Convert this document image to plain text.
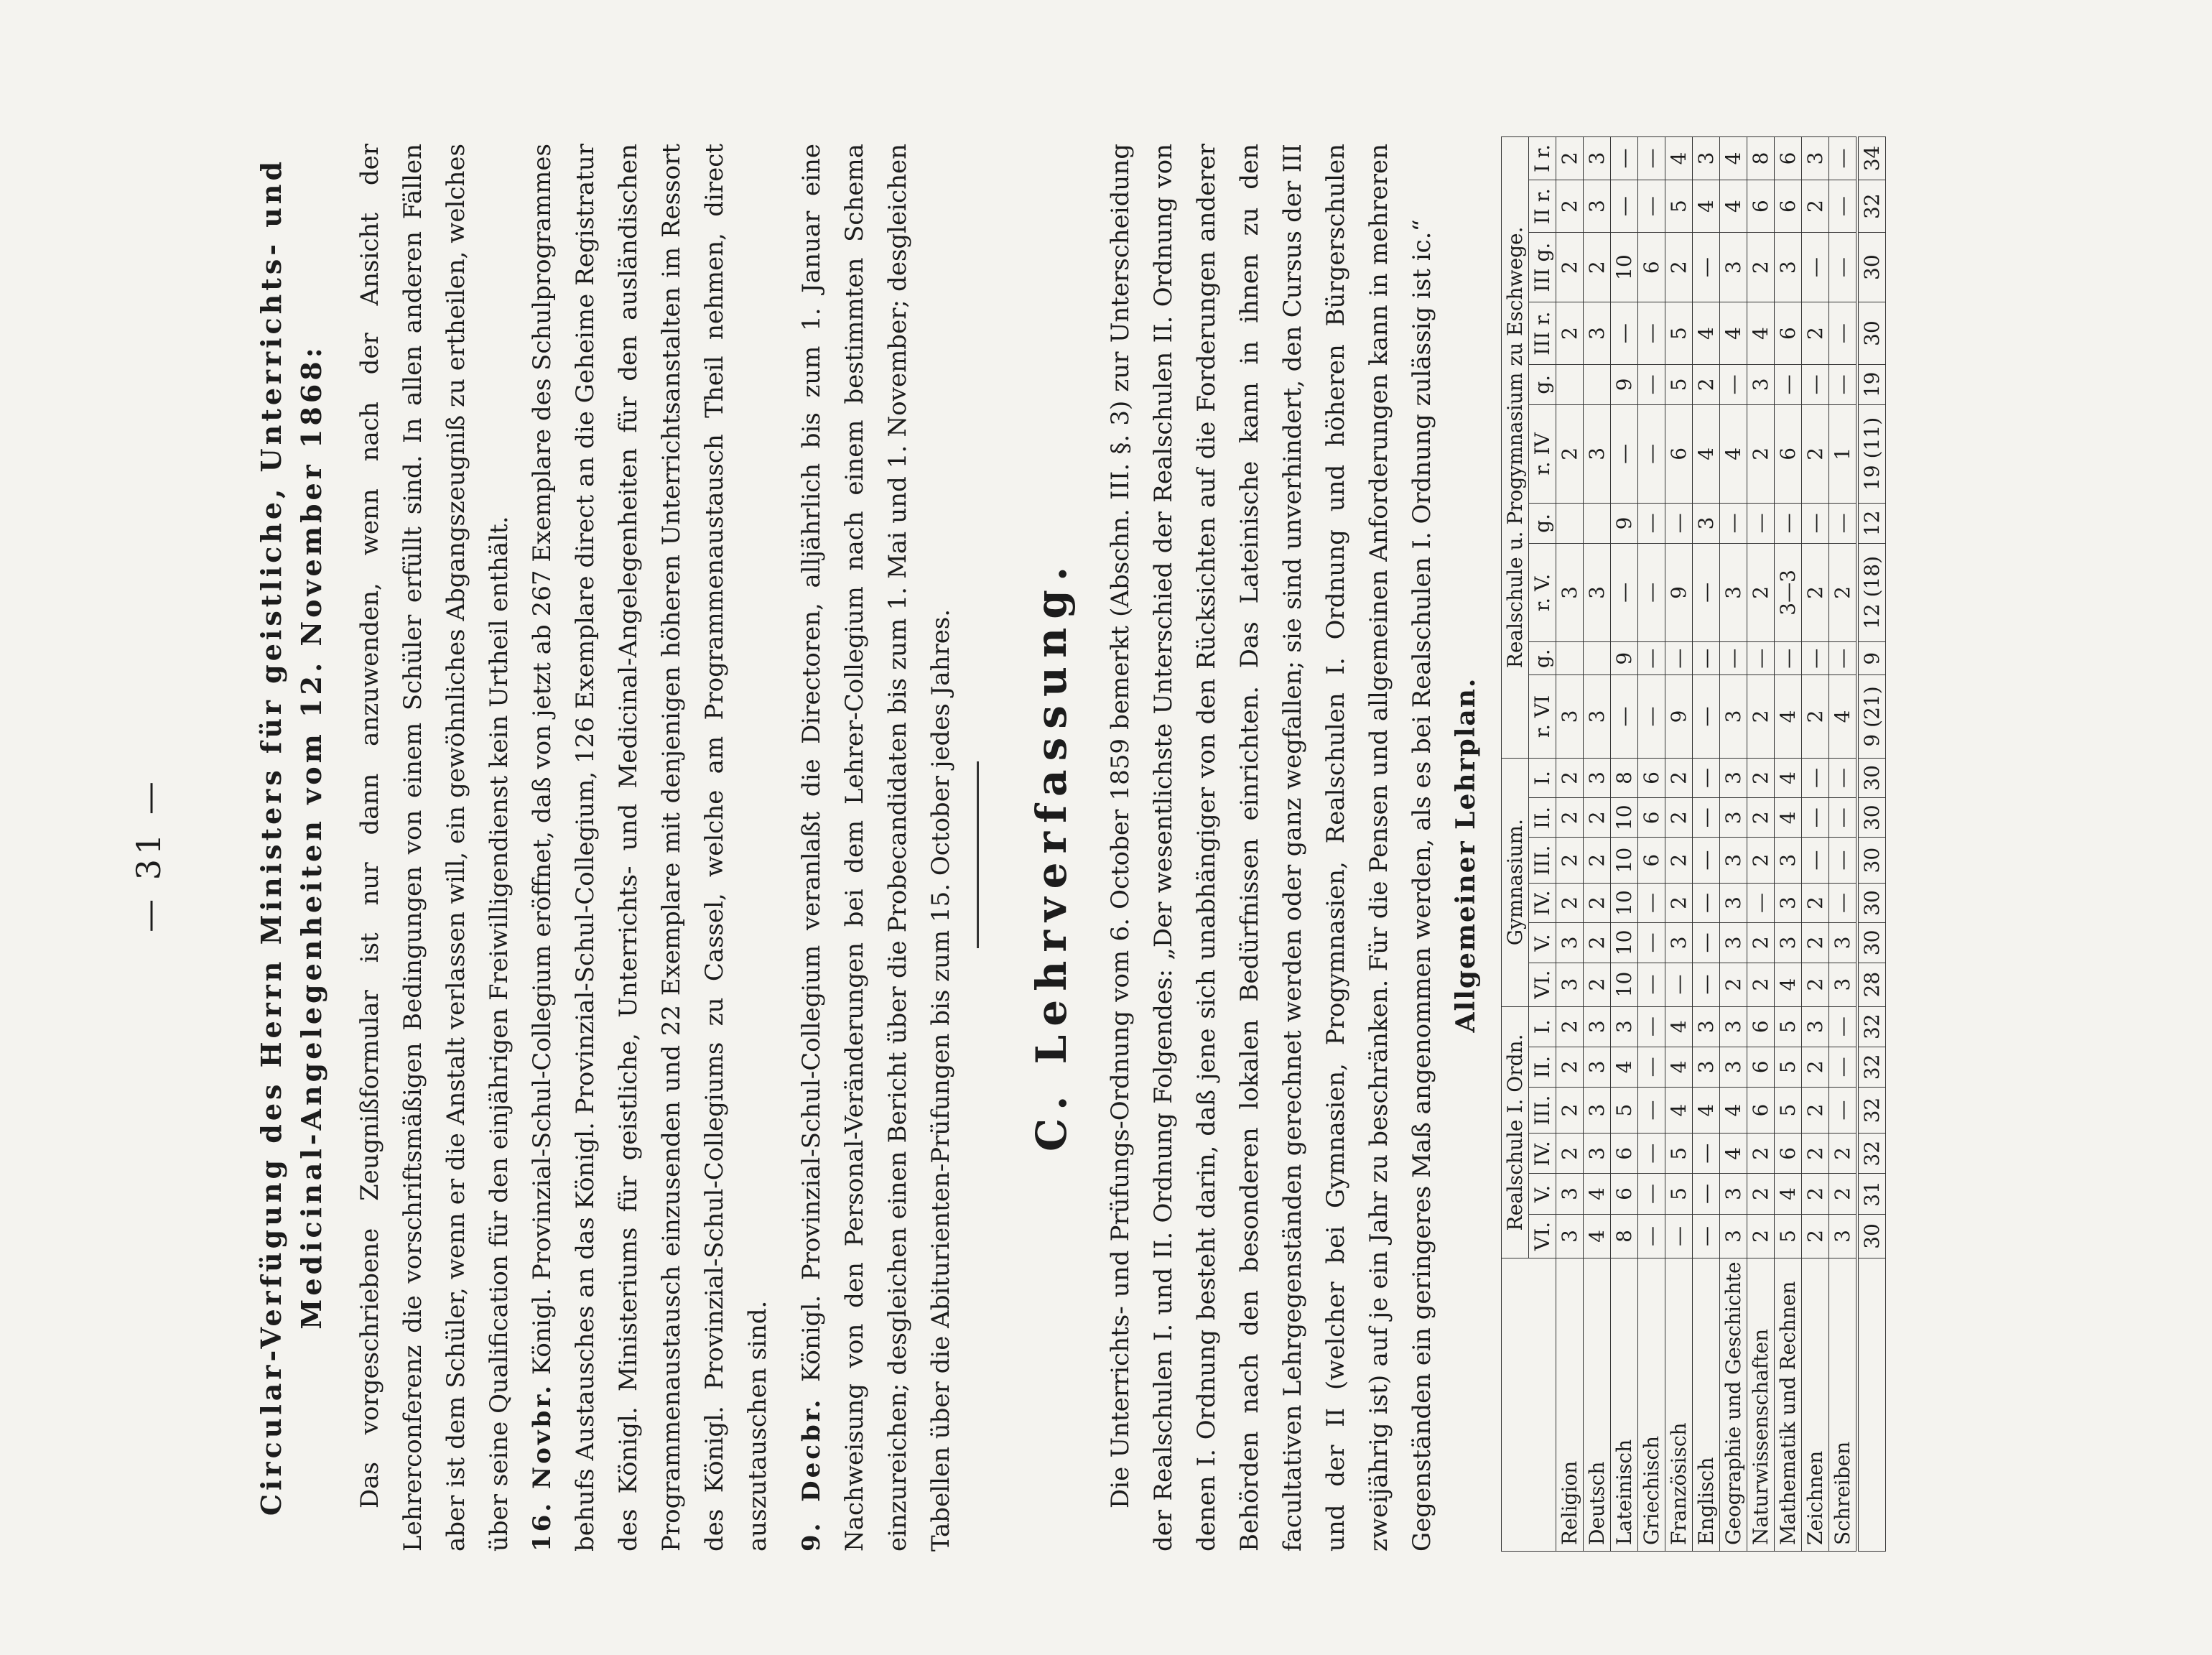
— 31 —	Circular-Verfügung des Herrn Ministers für geistliche, Unterrichts- und Medicinal-Angelegenheiten vom 12. November 1868: Das vorgeschriebene Zeugnißformular ist nur dann anzuwenden, wenn nach der Ansicht der Lehrerconferenz die vorschriftsmäßigen Bedingungen von einem Schüler erfüllt sind. In allen anderen Fällen aber ist dem Schüler, wenn er die Anstalt verlassen will, ein gewöhnliches Abgangszeugniß zu ertheilen, welches über seine Qualification für den einjährigen Freiwilligendienst kein Urtheil enthält. 16. Novbr. Königl. Provinzial-Schul-Collegium eröffnet, daß von jetzt ab 267 Exemplare des Schulprogrammes behufs Austausches an das Königl. Provinzial-Schul-Collegium, 126 Exemplare direct an die Geheime Registratur des Königl. Ministeriums für geistliche, Unterrichts- und Medicinal-Angelegenheiten für den ausländischen Programmenaustausch einzusenden und 22 Exemplare mit denjenigen höheren Unterrichtsanstalten im Ressort des Königl. Provinzial-Schul-Collegiums zu Cassel, welche am Programmenaustausch Theil nehmen, direct auszutauschen sind. 9. Decbr. Königl. Provinzial-Schul-Collegium veranlaßt die Directoren, alljährlich bis zum 1. Januar eine Nachweisung von den Personal-Veränderungen bei dem Lehrer-Collegium nach einem bestimmten Schema einzureichen; desgleichen einen Bericht über die Probecandidaten bis zum 1. Mai und 1. November; desgleichen Tabellen über die Abiturienten-Prüfungen bis zum 15. October jedes Jahres. C. Lehrverfassung. Die Unterrichts- und Prüfungs-Ordnung vom 6. October 1859 bemerkt (Abschn. III. §. 3) zur Unterscheidung der Realschulen I. und II. Ordnung Folgendes: „Der wesentlichste Unterschied der Realschulen II. Ordnung von denen I. Ordnung besteht darin, daß jene sich unabhängiger von den Rücksichten auf die Forderungen anderer Behörden nach den besonderen lokalen Bedürfnissen einrichten. Das Lateinische kann in ihnen zu den facultativen Lehrgegenständen gerechnet werden oder ganz wegfallen; sie sind unverhindert, den Cursus der III und der II (welcher bei Gymnasien, Progymnasien, Realschulen I. Ordnung und höheren Bürgerschulen zweijährig ist) auf je ein Jahr zu beschränken. Für die Pensen und allgemeinen Anforderungen kann in mehreren Gegenständen ein geringeres Maß angenommen werden, als es bei Realschulen I. Ordnung zulässig ist ic.“ Allgemeiner Lehrplan.
	Realschule I. Ordn.						Gymnasium.						Realschule u. Progymnasium zu Eschwege.									
	VI.	V.	IV.	III.	II.	I.	VI.	V.	IV.	III.	II.	I.	r. VI	g.	r. V.	g.	r. IV	g.	III r.	III g.	II r.	I r.
Religion	3	3	2	2	2	2	3	3	2	2	2	2	3		3		2		2	2	2	2
Deutsch	4	4	3	3	3	3	2	2	2	2	2	3	3		3		3		3	2	3	3
Lateinisch	8	6	6	5	4	3	10	10	10	10	10	8	—	9	—	9	—	9	—	10	—	—
Griechisch	—	—	—	—	—	—	—	—	—	6	6	6	—	—	—	—	—	—	—	6	—	—
Französisch	—	5	5	4	4	4	—	3	2	2	2	2	9	—	9	—	6	5	5	2	5	4
Englisch	—	—	—	4	3	3	—	—	—	—	—	—	—	—	—	3	4	2	4	—	4	3
Geographie und Geschichte	3	3	4	4	3	3	2	3	3	3	3	3	3	—	3	—	4	—	4	3	4	4
Naturwissenschaften	2	2	2	6	6	6	2	2	—	2	2	2	2	—	2	—	2	3	4	2	6	8
Mathematik und Rechnen	5	4	6	5	5	5	4	3	3	3	4	4	4	—	3—3	—	6	—	6	3	6	6
Zeichnen	2	2	2	2	2	3	2	2	2	—	—	—	2	—	2	—	2	—	2	—	2	3
Schreiben	3	2	2	—	—	—	3	3	—	—	—	—	4	—	2	—	1	—	—	—	—	—
	30	31	32	32	32	32	28	30	30	30	30	30	9 (21)	9	12 (18)	12	19 (11)	19	30	30	32	34
